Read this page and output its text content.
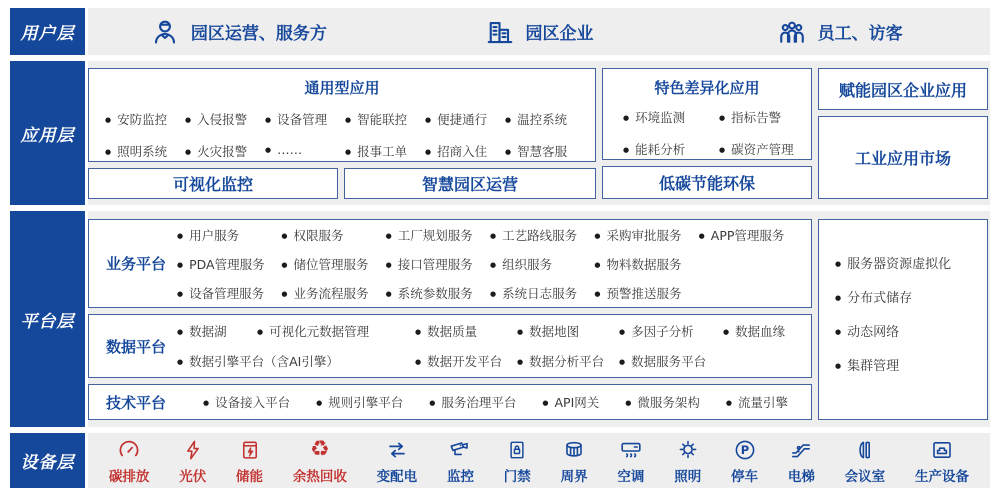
用户层	园区运营、服务方	园区企业	员工、访客
应用层
通用型应用
● 安防监控	● 入侵报警	● 设备管理	● 智能联控	● 便捷通行	● 温控系统
● 照明系统	● 火灾报警	● ……	● 报事工单	● 招商入住	● 智慧客服
特色差异化应用
● 环境监测	● 指标告警
● 能耗分析	● 碳资产管理
可视化监控	智慧园区运营	低碳节能环保
赋能园区企业应用
工业应用市场
平台层
业务平台
● 用户服务	● 权限服务	● 工厂规划服务	● 工艺路线服务	● 采购审批服务	● APP管理服务
● PDA管理服务	● 储位管理服务	● 接口管理服务	● 组织服务	● 物料数据服务
● 设备管理服务	● 业务流程服务	● 系统参数服务	● 系统日志服务	● 预警推送服务
数据平台
● 数据湖	● 可视化元数据管理	● 数据质量	● 数据地图	● 多因子分析	● 数据血缘
● 数据引擎平台（含AI引擎）	● 数据开发平台	● 数据分析平台	● 数据服务平台
技术平台	● 设备接入平台	● 规则引擎平台	● 服务治理平台	● API网关	● 微服务架构	● 流量引擎
● 服务器资源虚拟化
● 分布式储存
● 动态网络
● 集群管理
设备层
碳排放 光伏 储能
♻
余热回收 变配电 监控 门禁 周界 空调 照明
P
停车 电梯 会议室 生产设备
